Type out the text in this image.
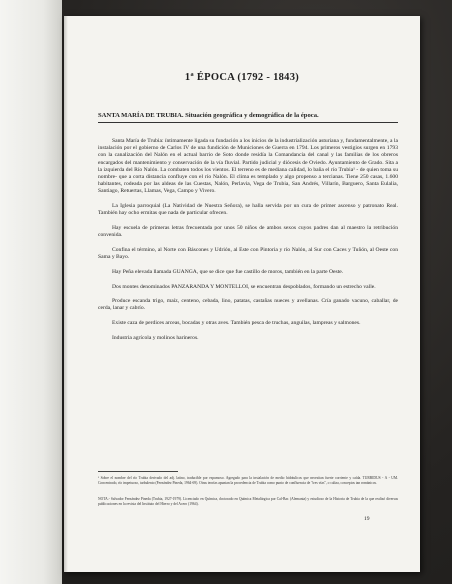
1ª ÉPOCA (1792 - 1843)
SANTA MARÍA DE TRUBIA. Situación geográfica y demográfica de la época.

Santa María de Trubia: íntimamente ligada su fundación a los inicios de la industrialización asturiana y, fundamentalmente, a la instalación por el gobierno de Carlos IV de una fundición de Municiones de Guerra en 1794. Los primeros vestigios surgen en 1793 con la canalización del Nalón en el actual barrio de Soto donde residía la Comandancia del canal y las familias de los obreros encargados del mantenimiento y conservación de la vía fluvial. Partido judicial y diócesis de Oviedo. Ayuntamiento de Grado. Sita a la izquierda del Río Nalón. La combaten todos los vientos. El terreno es de mediana calidad, lo baña el río Trubia¹ - de quien toma su nombre- que a corta distancia confluye con el río Nalón. El clima es templado y algo propenso a tercianas. Tiene 250 casas, 1.600 habitantes, rodeada por las aldeas de las Cuestas, Nalón, Perlavia, Vega de Trubia, San Andrés, Villarín, Barguero, Santa Eulalia, Santiago, Retuertas, Llamas, Vega, Campo y Vivero.

La Iglesia parroquial (La Natividad de Nuestra Señora), se halla servida por un cura de primer ascenso y patronato Real. También hay ocho ermitas que nada de particular ofrecen.

Hay escuela de primeras letras frecuentada por unos 50 niños de ambos sexos cuyos padres dan al maestro la retribución convenida.

Confina el término, al Norte con Báscones y Udrión, al Este con Pintoria y río Nalón, al Sur con Caces y Tuñón, al Oeste con Sama y Bayo.

Hay Peña elevada llamada GUANGA, que se dice que fue castillo de moros, también en la parte Oeste.

Dos montes denominados PANZARANDA Y MONTELLOI, se encuentran despoblados, formando un estrecho valle.

Produce escanda trigo, maíz, centeno, cebada, lino, patatas, castañas nueces y avellanas. Cría ganado vacuno, caballar, de cerda, lanar y cabrío.

Existe caza de perdices arceas, bocadas y otras aves. También pesca de truchas, anguilas, lampreas y salmones.

Industria agrícola y molinos harineros.

¹ Sobre el nombre del río Trubia derivado del adj. latino, traducible por espumoso. Agregado para la instalación de medio hidráulicos que necesitan fuerte corriente y caída. TURBIDUS - A - UM. Concentrado, río impetuoso, turbulento (Fernández Pineda, 1964-69). Otras teorías apuntan la procedencia de Trubia como punto de confluencia de "tres vías", o caliza, conceptos tan románicos.
NOTA.- Salvador Fernández Pineda (Trubia, 1927-1979). Licenciado en Química, doctorado en Química Metalúrgica por Cal-Bar. (Alemania) y estudioso de la Historia de Trubia de la que realizó diversas publicaciones en la revista del Instituto del Hierro y del Acero (1964).
19
